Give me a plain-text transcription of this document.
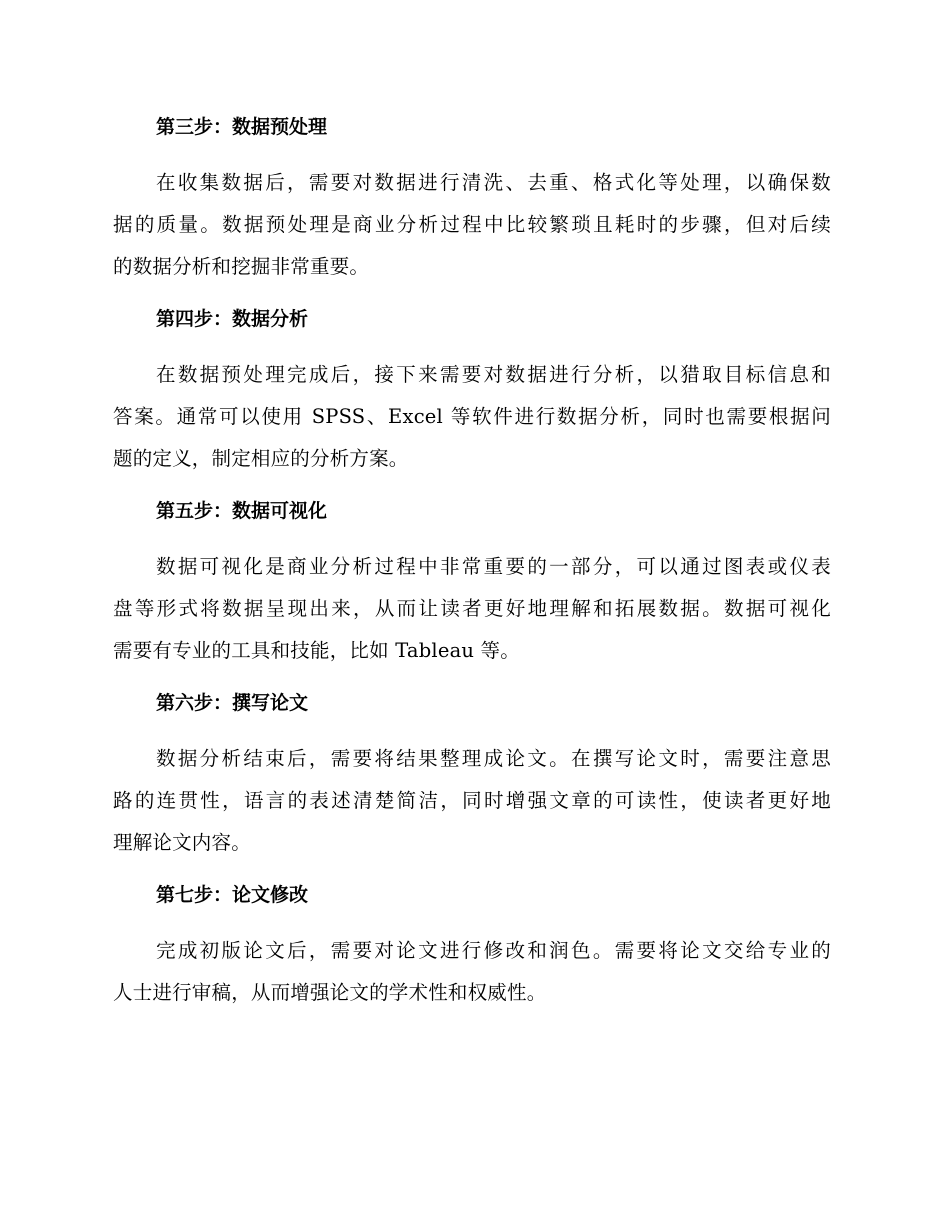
第三步：数据预处理
在收集数据后，需要对数据进行清洗、去重、格式化等处理，以确保数
据的质量。数据预处理是商业分析过程中比较繁琐且耗时的步骤，但对后续
的数据分析和挖掘非常重要。
第四步：数据分析
在数据预处理完成后，接下来需要对数据进行分析，以猎取目标信息和
答案。通常可以使用 SPSS、Excel 等软件进行数据分析，同时也需要根据问
题的定义，制定相应的分析方案。
第五步：数据可视化
数据可视化是商业分析过程中非常重要的一部分，可以通过图表或仪表
盘等形式将数据呈现出来，从而让读者更好地理解和拓展数据。数据可视化
需要有专业的工具和技能，比如 Tableau 等。
第六步：撰写论文
数据分析结束后，需要将结果整理成论文。在撰写论文时，需要注意思
路的连贯性，语言的表述清楚简洁，同时增强文章的可读性，使读者更好地
理解论文内容。
第七步：论文修改
完成初版论文后，需要对论文进行修改和润色。需要将论文交给专业的
人士进行审稿，从而增强论文的学术性和权威性。
